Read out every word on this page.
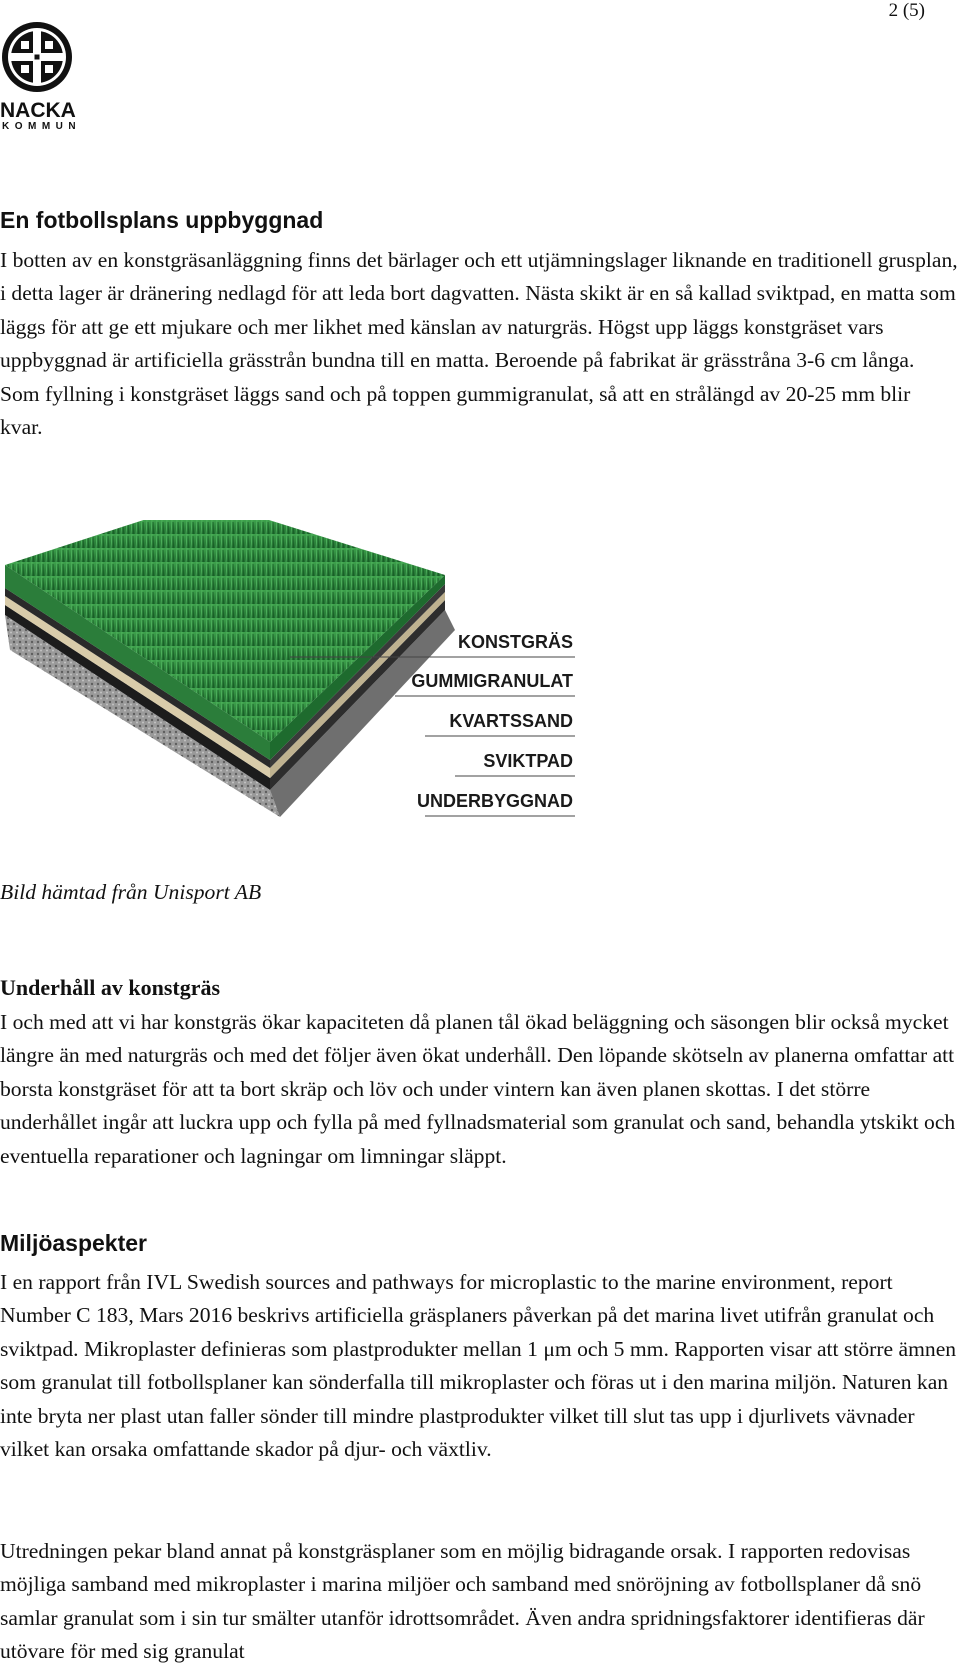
2 (5)
NACKA
KOMMUN
En fotbollsplans uppbyggnad

I botten av en konstgräsanläggning finns det bärlager och ett utjämningslager liknande en traditionell grusplan, i detta lager är dränering nedlagd för att leda bort dagvatten. Nästa skikt är en så kallad sviktpad, en matta som läggs för att ge ett mjukare och mer likhet med känslan av naturgräs. Högst upp läggs konstgräset vars uppbyggnad är artificiella grässtrån bundna till en matta. Beroende på fabrikat är grässtråna 3-6 cm långa. Som fyllning i konstgräset läggs sand och på toppen gummigranulat, så att en strålängd av 20-25 mm blir kvar.

KONSTGRÄS
GUMMIGRANULAT
KVARTSSAND
SVIKTPAD
UNDERBYGGNAD
Bild hämtad från Unisport AB
Underhåll av konstgräs

I och med att vi har konstgräs ökar kapaciteten då planen tål ökad beläggning och säsongen blir också mycket längre än med naturgräs och med det följer även ökat underhåll. Den löpande skötseln av planerna omfattar att borsta konstgräset för att ta bort skräp och löv och under vintern kan även planen skottas. I det större underhållet ingår att luckra upp och fylla på med fyllnadsmaterial som granulat och sand, behandla ytskikt och eventuella reparationer och lagningar om limningar släppt.

Miljöaspekter

I en rapport från IVL Swedish sources and pathways for microplastic to the marine environment, report Number C 183, Mars 2016 beskrivs artificiella gräsplaners påverkan på det marina livet utifrån granulat och sviktpad. Mikroplaster definieras som plastprodukter mellan 1 μm och 5 mm. Rapporten visar att större ämnen som granulat till fotbollsplaner kan sönderfalla till mikroplaster och föras ut i den marina miljön. Naturen kan inte bryta ner plast utan faller sönder till mindre plastprodukter vilket till slut tas upp i djurlivets vävnader vilket kan orsaka omfattande skador på djur- och växtliv.

Utredningen pekar bland annat på konstgräsplaner som en möjlig bidragande orsak. I rapporten redovisas möjliga samband med mikroplaster i marina miljöer och samband med snöröjning av fotbollsplaner då snö samlar granulat som i sin tur smälter utanför idrottsområdet. Även andra spridningsfaktorer identifieras där utövare för med sig granulat
